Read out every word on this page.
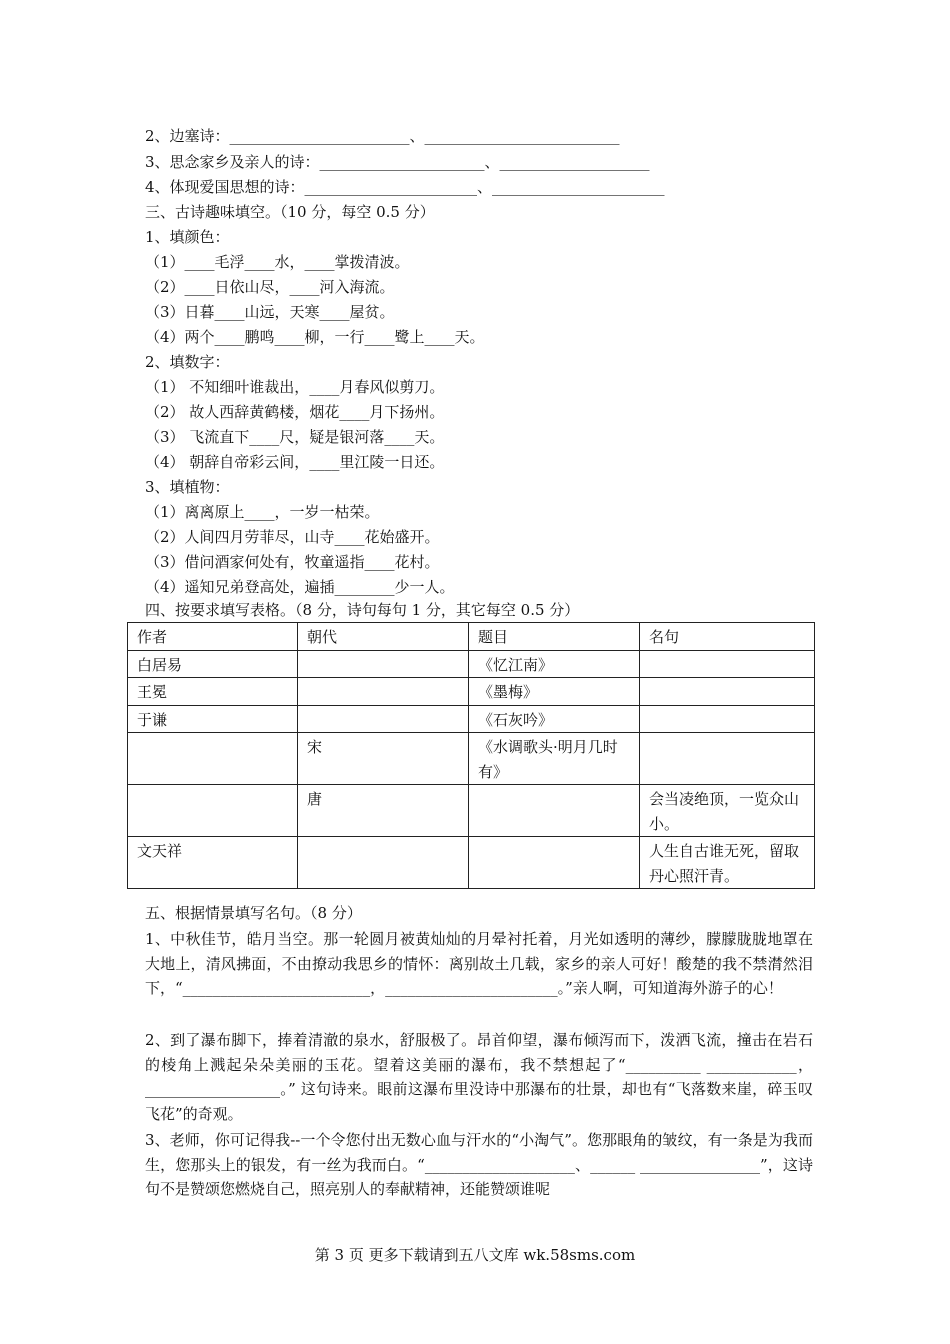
2、边塞诗：________________________、__________________________
3、思念家乡及亲人的诗：______________________、____________________
4、体现爱国思想的诗：_______________________、_______________________
三、古诗趣味填空。（10 分，每空 0.5 分）
1、填颜色：
（1）____毛浮____水，____掌拨清波。
（2）____日依山尽，____河入海流。
（3）日暮____山远，天寒____屋贫。
（4）两个____鹏鸣____柳，一行____鹭上____天。
2、填数字：
（1） 不知细叶谁裁出，____月春风似剪刀。
（2） 故人西辞黄鹤楼，烟花____月下扬州。
（3） 飞流直下____尺，疑是银河落____天。
（4） 朝辞自帝彩云间，____里江陵一日还。
3、填植物：
（1）离离原上____，一岁一枯荣。
（2）人间四月劳菲尽，山寺____花始盛开。
（3）借问酒家何处有，牧童遥指____花村。
（4）遥知兄弟登高处，遍插________少一人。
四、按要求填写表格。（8 分，诗句每句 1 分，其它每空 0.5 分）
作者	朝代	题目	名句
白居易		《忆江南》	
王冕		《墨梅》	
于谦		《石灰吟》	
	宋	《水调歌头·明月几时有》	
	唐		会当凌绝顶，一览众山小。
文天祥			人生自古谁无死，留取丹心照汗青。
五、根据情景填写名句。（8 分）
1、中秋佳节，皓月当空。那一轮圆月被黄灿灿的月晕衬托着，月光如透明的薄纱，朦朦胧胧地罩在大地上，清风拂面，不由撩动我思乡的情怀：离别故土几载，家乡的亲人可好！酸楚的我不禁潸然泪下，“_________________________，_______________________。”亲人啊，可知道海外游子的心！
2、到了瀑布脚下，捧着清澈的泉水，舒服极了。昂首仰望，瀑布倾泻而下，泼洒飞流，撞击在岩石的棱角上溅起朵朵美丽的玉花。望着这美丽的瀑布，我不禁想起了“__________ ____________，__________________。” 这句诗来。眼前这瀑布里没诗中那瀑布的壮景，却也有“飞落数来崖，碎玉叹飞花”的奇观。
3、老师，你可记得我--一个令您付出无数心血与汗水的“小淘气”。您那眼角的皱纹，有一条是为我而生，您那头上的银发，有一丝为我而白。“____________________、______ ________________”，这诗句不是赞颂您燃烧自己，照亮别人的奉献精神，还能赞颂谁呢
第 3 页 更多下载请到五八文库 wk.58sms.com
